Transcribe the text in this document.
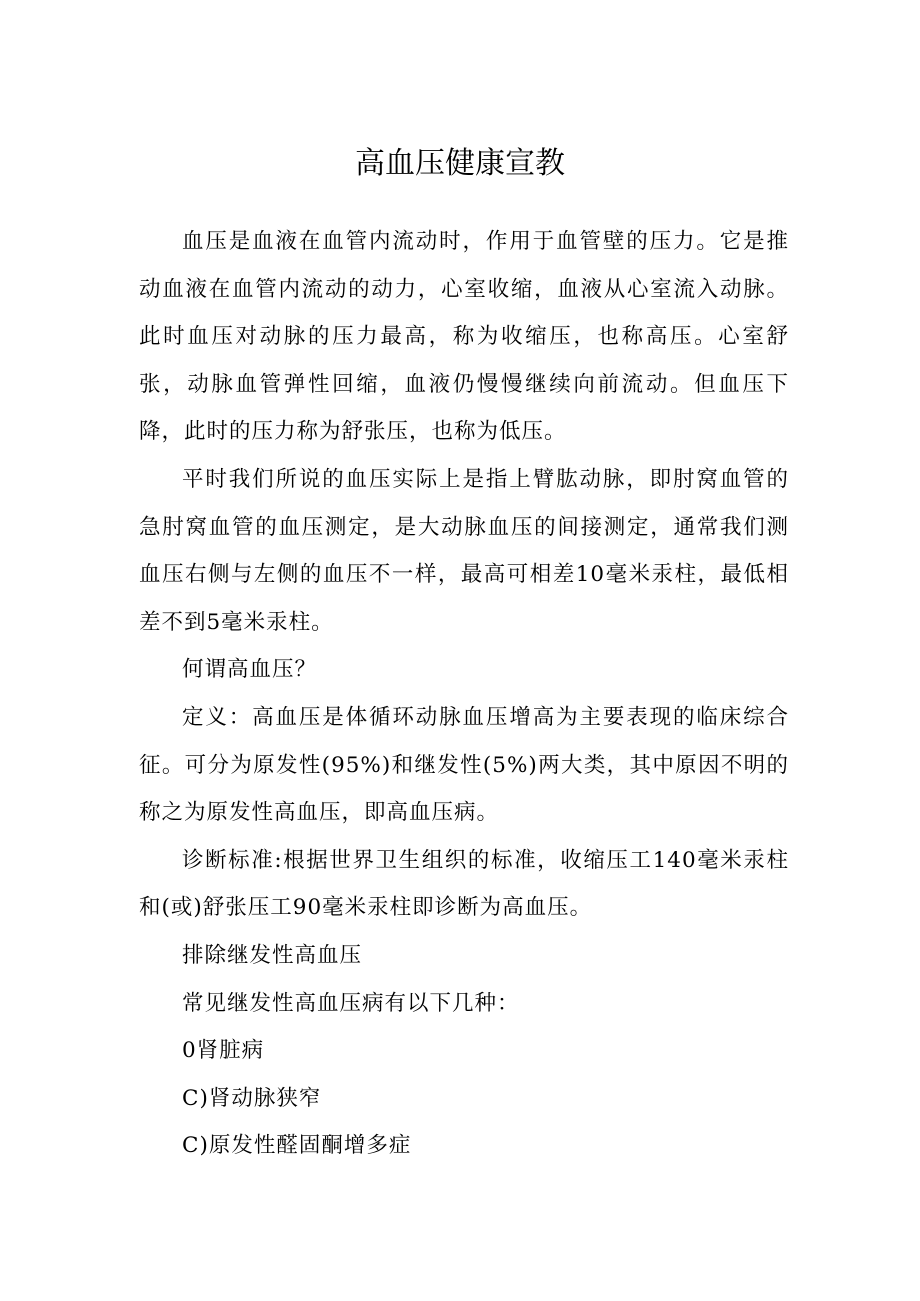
高血压健康宣教

血压是血液在血管内流动时，作用于血管壁的压力。它是推动血液在血管内流动的动力，心室收缩，血液从心室流入动脉。此时血压对动脉的压力最高，称为收缩压，也称高压。心室舒张，动脉血管弹性回缩，血液仍慢慢继续向前流动。但血压下降，此时的压力称为舒张压，也称为低压。

平时我们所说的血压实际上是指上臂肱动脉，即肘窝血管的急肘窝血管的血压测定，是大动脉血压的间接测定，通常我们测血压右侧与左侧的血压不一样，最高可相差10毫米汞柱，最低相差不到5毫米汞柱。

何谓高血压？

定义：高血压是体循环动脉血压增高为主要表现的临床综合征。可分为原发性(95%)和继发性(5%)两大类，其中原因不明的称之为原发性高血压，即高血压病。

诊断标准:根据世界卫生组织的标准，收缩压工140毫米汞柱和(或)舒张压工90毫米汞柱即诊断为高血压。

排除继发性高血压

常见继发性高血压病有以下几种：

0肾脏病

C)肾动脉狭窄

C)原发性醛固酮增多症
